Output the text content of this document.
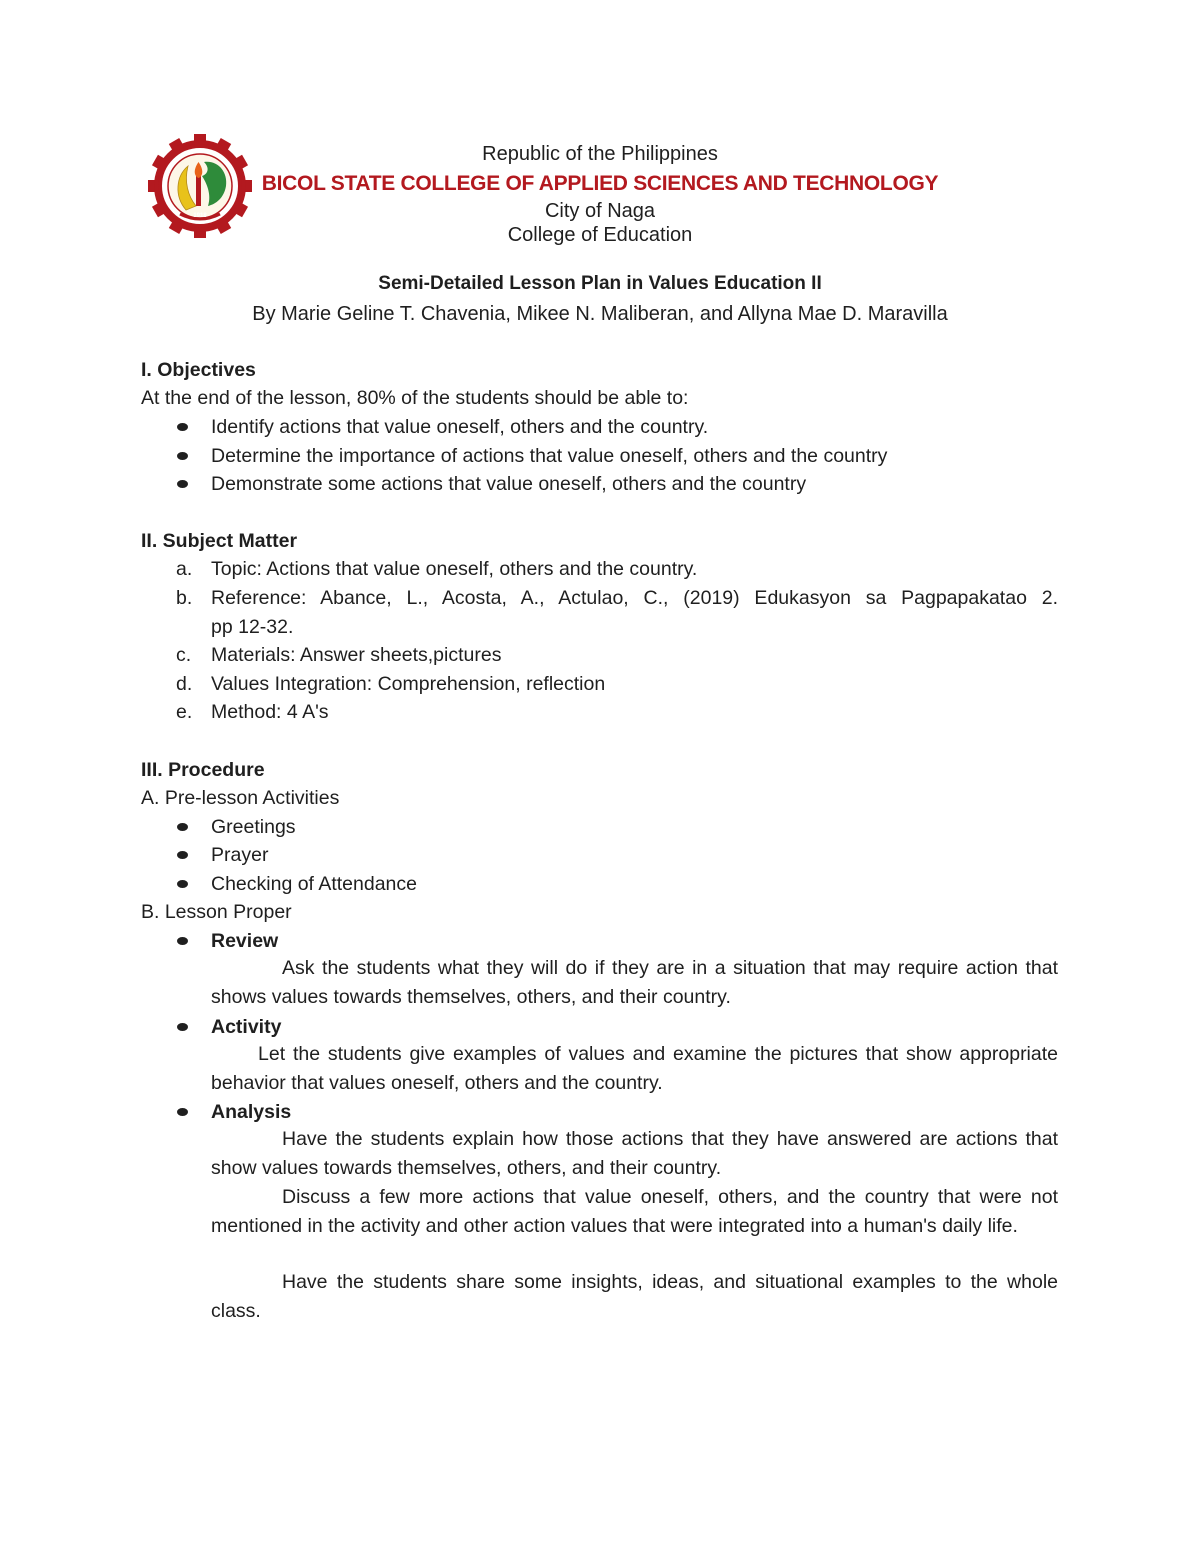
1918
Republic of the Philippines
BICOL STATE COLLEGE OF APPLIED SCIENCES AND TECHNOLOGY
City of Naga
College of Education
Semi-Detailed Lesson Plan in Values Education II
By Marie Geline T. Chavenia, Mikee N. Maliberan, and Allyna Mae D. Maravilla
I. Objectives
At the end of the lesson, 80% of the students should be able to:
Identify actions that value oneself, others and the country.
Determine the importance of actions that value oneself, others and the country
Demonstrate some actions that value oneself, others and the country
II. Subject Matter
a. Topic: Actions that value oneself, others and the country.
b. Reference: Abance, L., Acosta, A., Actulao, C., (2019) Edukasyon sa Pagpapakatao 2.
pp 12-32.
c. Materials: Answer sheets,pictures
d. Values Integration: Comprehension, reflection
e. Method: 4 A's
III. Procedure
A. Pre-lesson Activities
Greetings
Prayer
Checking of Attendance
B. Lesson Proper
Review
Ask the students what they will do if they are in a situation that may require action that shows values towards themselves, others, and their country.
Activity
Let the students give examples of values and examine the pictures that show appropriate behavior that values oneself, others and the country.
Analysis
Have the students explain how those actions that they have answered are actions that show values towards themselves, others, and their country.
Discuss a few more actions that value oneself, others, and the country that were not mentioned in the activity and other action values that were integrated into a human's daily life.
Have the students share some insights, ideas, and situational examples to the whole class.
